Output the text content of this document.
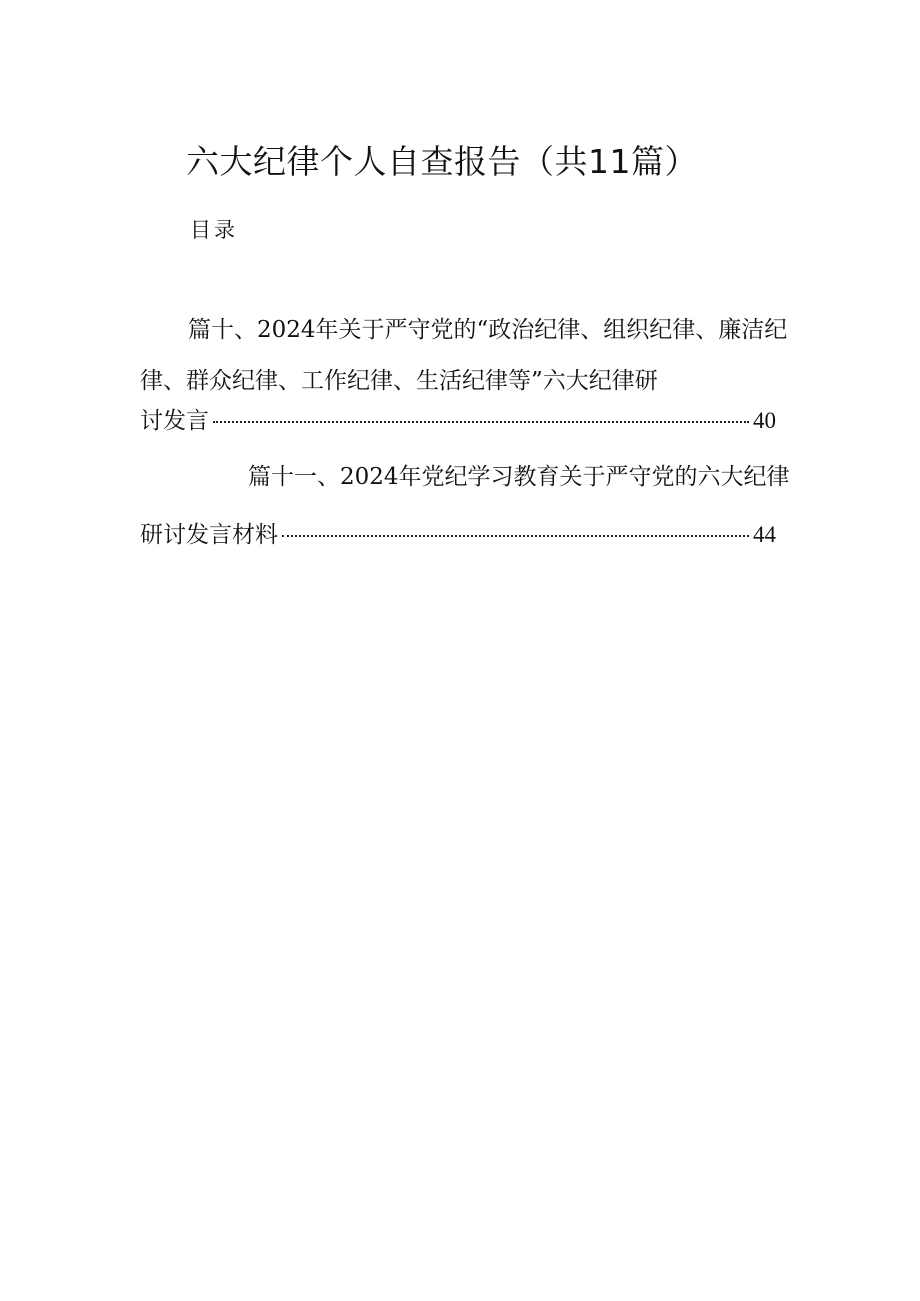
六大纪律个人自查报告（共11篇）
目录
篇十、2024年关于严守党的“政治纪律、组织纪律、廉洁纪
律、群众纪律、工作纪律、生活纪律等”六大纪律研
讨发言	40
篇十一、2024年党纪学习教育关于严守党的六大纪律
研讨发言材料	44
